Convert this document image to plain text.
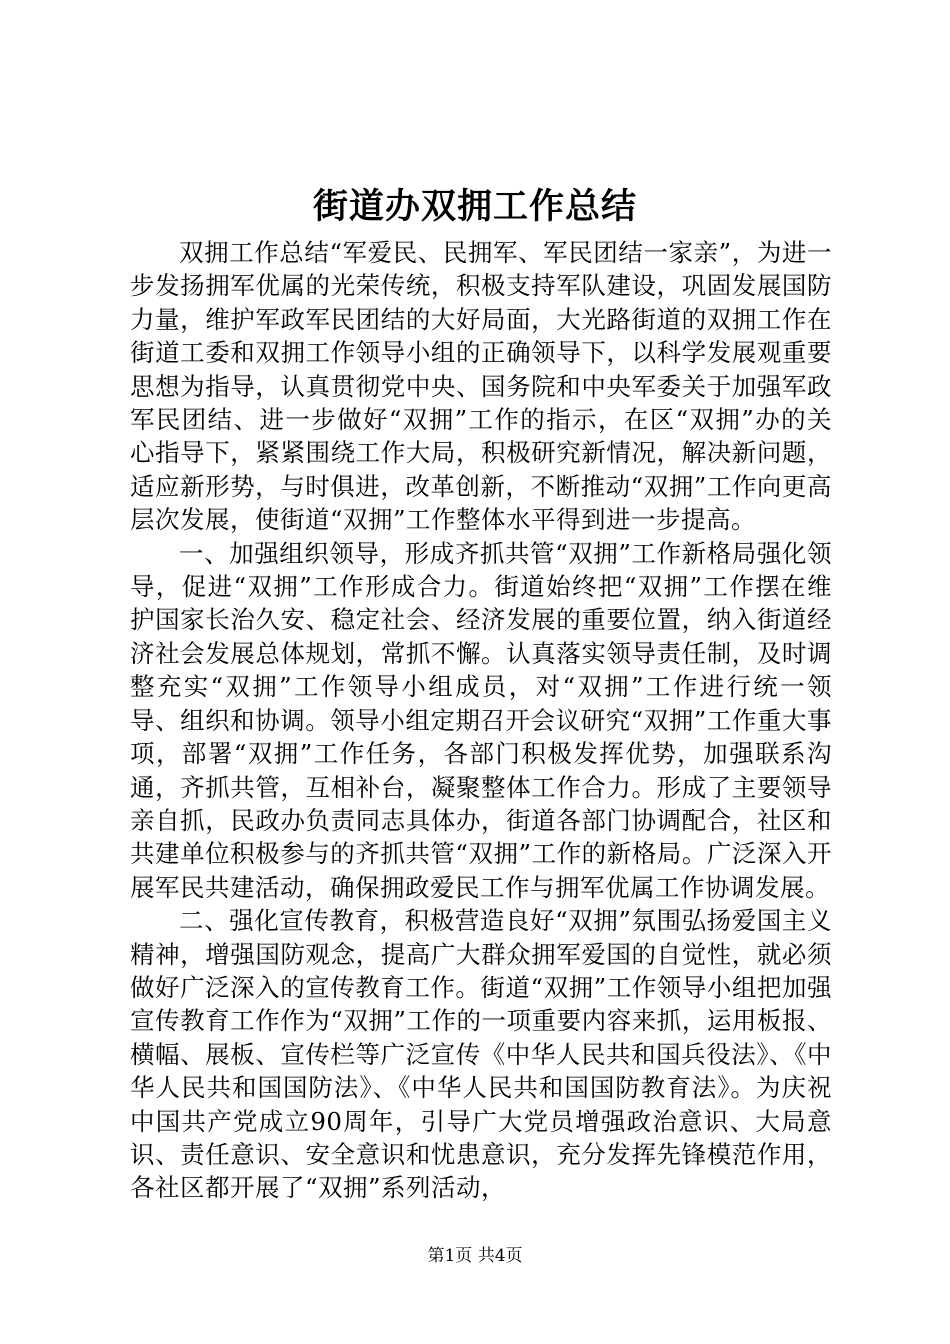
街道办双拥工作总结

双拥工作总结“军爱民、民拥军、军民团结一家亲”，为进一步发扬拥军优属的光荣传统，积极支持军队建设，巩固发展国防力量，维护军政军民团结的大好局面，大光路街道的双拥工作在街道工委和双拥工作领导小组的正确领导下，以科学发展观重要思想为指导，认真贯彻党中央、国务院和中央军委关于加强军政军民团结、进一步做好“双拥”工作的指示，在区“双拥”办的关心指导下，紧紧围绕工作大局，积极研究新情况，解决新问题，适应新形势，与时俱进，改革创新，不断推动“双拥”工作向更高层次发展，使街道“双拥”工作整体水平得到进一步提高。

一、加强组织领导，形成齐抓共管“双拥”工作新格局强化领导，促进“双拥”工作形成合力。街道始终把“双拥”工作摆在维护国家长治久安、稳定社会、经济发展的重要位置，纳入街道经济社会发展总体规划，常抓不懈。认真落实领导责任制，及时调整充实“双拥”工作领导小组成员，对“双拥”工作进行统一领导、组织和协调。领导小组定期召开会议研究“双拥”工作重大事项，部署“双拥”工作任务，各部门积极发挥优势，加强联系沟通，齐抓共管，互相补台，凝聚整体工作合力。形成了主要领导亲自抓，民政办负责同志具体办，街道各部门协调配合，社区和共建单位积极参与的齐抓共管“双拥”工作的新格局。广泛深入开展军民共建活动，确保拥政爱民工作与拥军优属工作协调发展。

二、强化宣传教育，积极营造良好“双拥”氛围弘扬爱国主义精神，增强国防观念，提高广大群众拥军爱国的自觉性，就必须做好广泛深入的宣传教育工作。街道“双拥”工作领导小组把加强宣传教育工作作为“双拥”工作的一项重要内容来抓，运用板报、横幅、展板、宣传栏等广泛宣传《中华人民共和国兵役法》、《中华人民共和国国防法》、《中华人民共和国国防教育法》。为庆祝中国共产党成立90周年，引导广大党员增强政治意识、大局意识、责任意识、安全意识和忧患意识，充分发挥先锋模范作用，各社区都开展了“双拥”系列活动，

第1页 共4页
